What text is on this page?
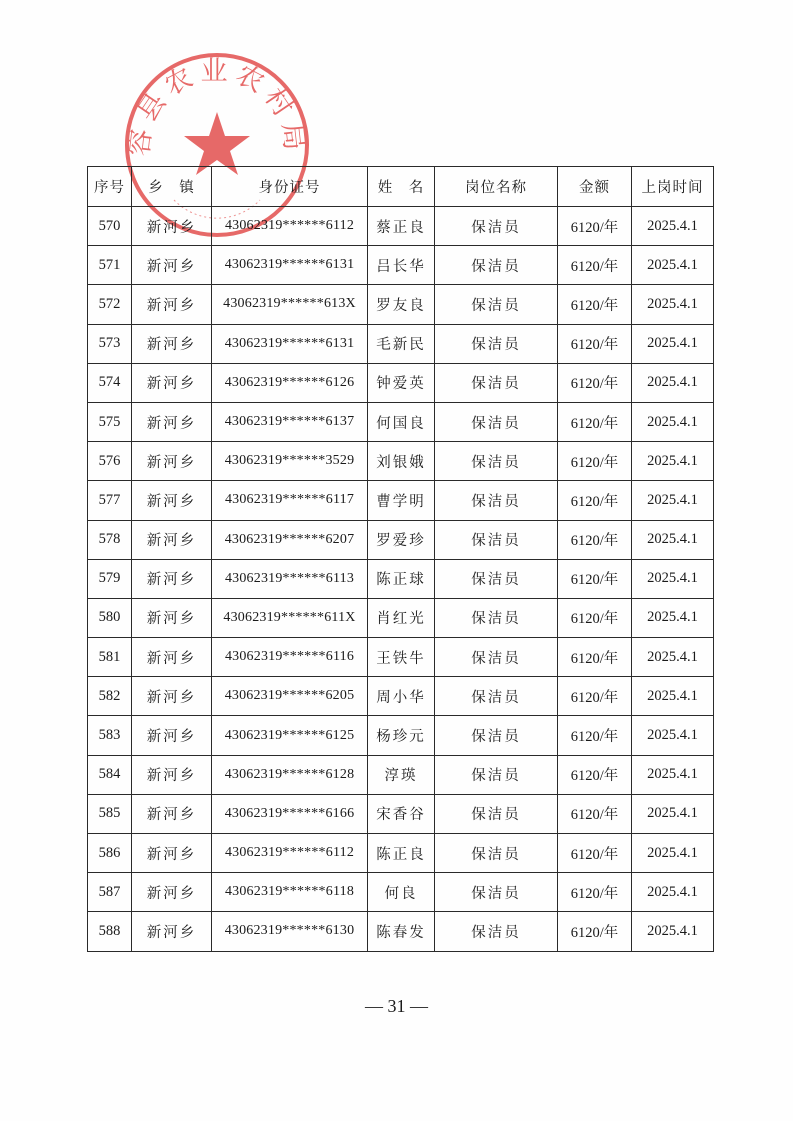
容县农业农村局
序号	乡　镇	身份证号	姓　名	岗位名称	金额	上岗时间
570	新河乡	43062319******6112	蔡正良	保洁员	6120/年	2025.4.1
571	新河乡	43062319******6131	吕长华	保洁员	6120/年	2025.4.1
572	新河乡	43062319******613X	罗友良	保洁员	6120/年	2025.4.1
573	新河乡	43062319******6131	毛新民	保洁员	6120/年	2025.4.1
574	新河乡	43062319******6126	钟爱英	保洁员	6120/年	2025.4.1
575	新河乡	43062319******6137	何国良	保洁员	6120/年	2025.4.1
576	新河乡	43062319******3529	刘银娥	保洁员	6120/年	2025.4.1
577	新河乡	43062319******6117	曹学明	保洁员	6120/年	2025.4.1
578	新河乡	43062319******6207	罗爱珍	保洁员	6120/年	2025.4.1
579	新河乡	43062319******6113	陈正球	保洁员	6120/年	2025.4.1
580	新河乡	43062319******611X	肖红光	保洁员	6120/年	2025.4.1
581	新河乡	43062319******6116	王铁牛	保洁员	6120/年	2025.4.1
582	新河乡	43062319******6205	周小华	保洁员	6120/年	2025.4.1
583	新河乡	43062319******6125	杨珍元	保洁员	6120/年	2025.4.1
584	新河乡	43062319******6128	淳瑛	保洁员	6120/年	2025.4.1
585	新河乡	43062319******6166	宋香谷	保洁员	6120/年	2025.4.1
586	新河乡	43062319******6112	陈正良	保洁员	6120/年	2025.4.1
587	新河乡	43062319******6118	何良	保洁员	6120/年	2025.4.1
588	新河乡	43062319******6130	陈春发	保洁员	6120/年	2025.4.1
— 31 —
